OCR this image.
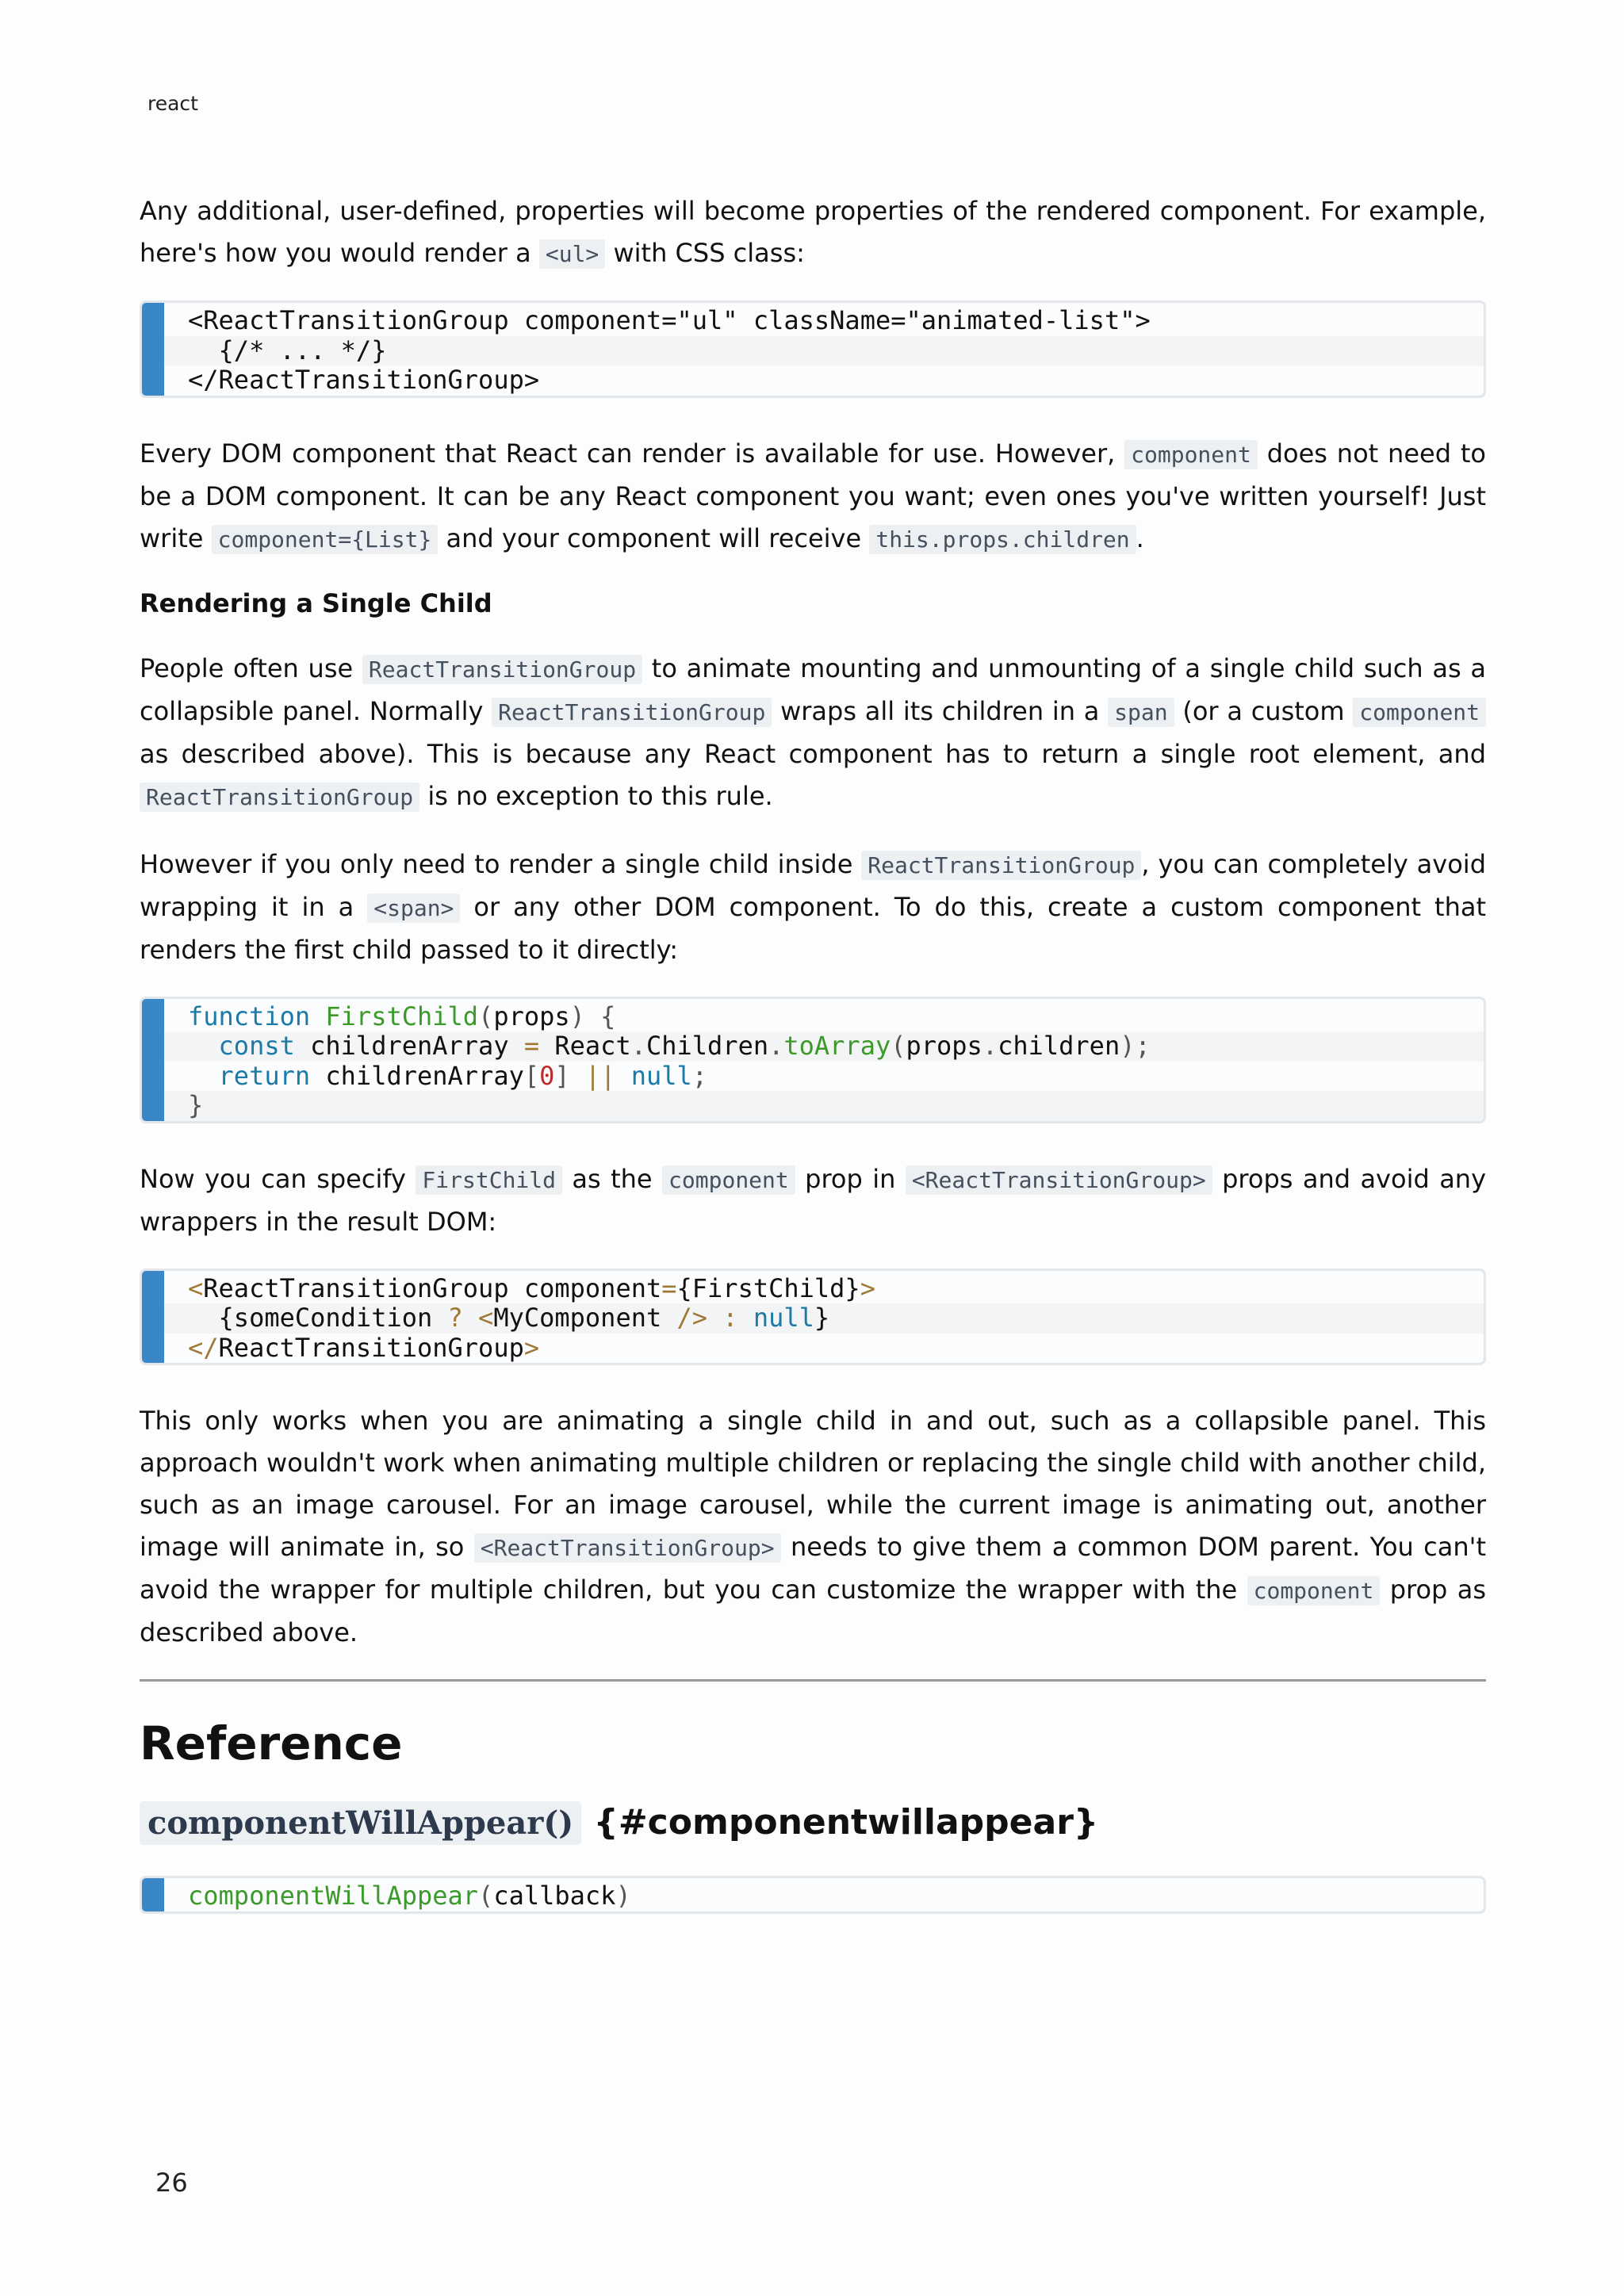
react

Any additional, user-defined, properties will become properties of the rendered component. For example, here's how you would render a <ul> with CSS class:

<ReactTransitionGroup component="ul" className="animated-list">
{/* ... */}
</ReactTransitionGroup>

Every DOM component that React can render is available for use. However, component does not need to be a DOM component. It can be any React component you want; even ones you've written yourself! Just write component={List} and your component will receive this.props.children .

Rendering a Single Child

People often use ReactTransitionGroup to animate mounting and unmounting of a single child such as a collapsible panel. Normally ReactTransitionGroup wraps all its children in a span (or a custom component as described above). This is because any React component has to return a single root element, and ReactTransitionGroup is no exception to this rule.

However if you only need to render a single child inside ReactTransitionGroup , you can completely avoid wrapping it in a <span> or any other DOM component. To do this, create a custom component that renders the first child passed to it directly:

function FirstChild(props) {
const childrenArray = React.Children.toArray(props.children);
return childrenArray[0] || null;
}

Now you can specify FirstChild as the component prop in <ReactTransitionGroup> props and avoid any wrappers in the result DOM:

<ReactTransitionGroup component={FirstChild}>
{someCondition ? <MyComponent /> : null}
</ReactTransitionGroup>

This only works when you are animating a single child in and out, such as a collapsible panel. This approach wouldn't work when animating multiple children or replacing the single child with another child, such as an image carousel. For an image carousel, while the current image is animating out, another image will animate in, so <ReactTransitionGroup> needs to give them a common DOM parent. You can't avoid the wrapper for multiple children, but you can customize the wrapper with the component prop as described above.

Reference
componentWillAppear() {#componentwillappear}
componentWillAppear(callback)
26
